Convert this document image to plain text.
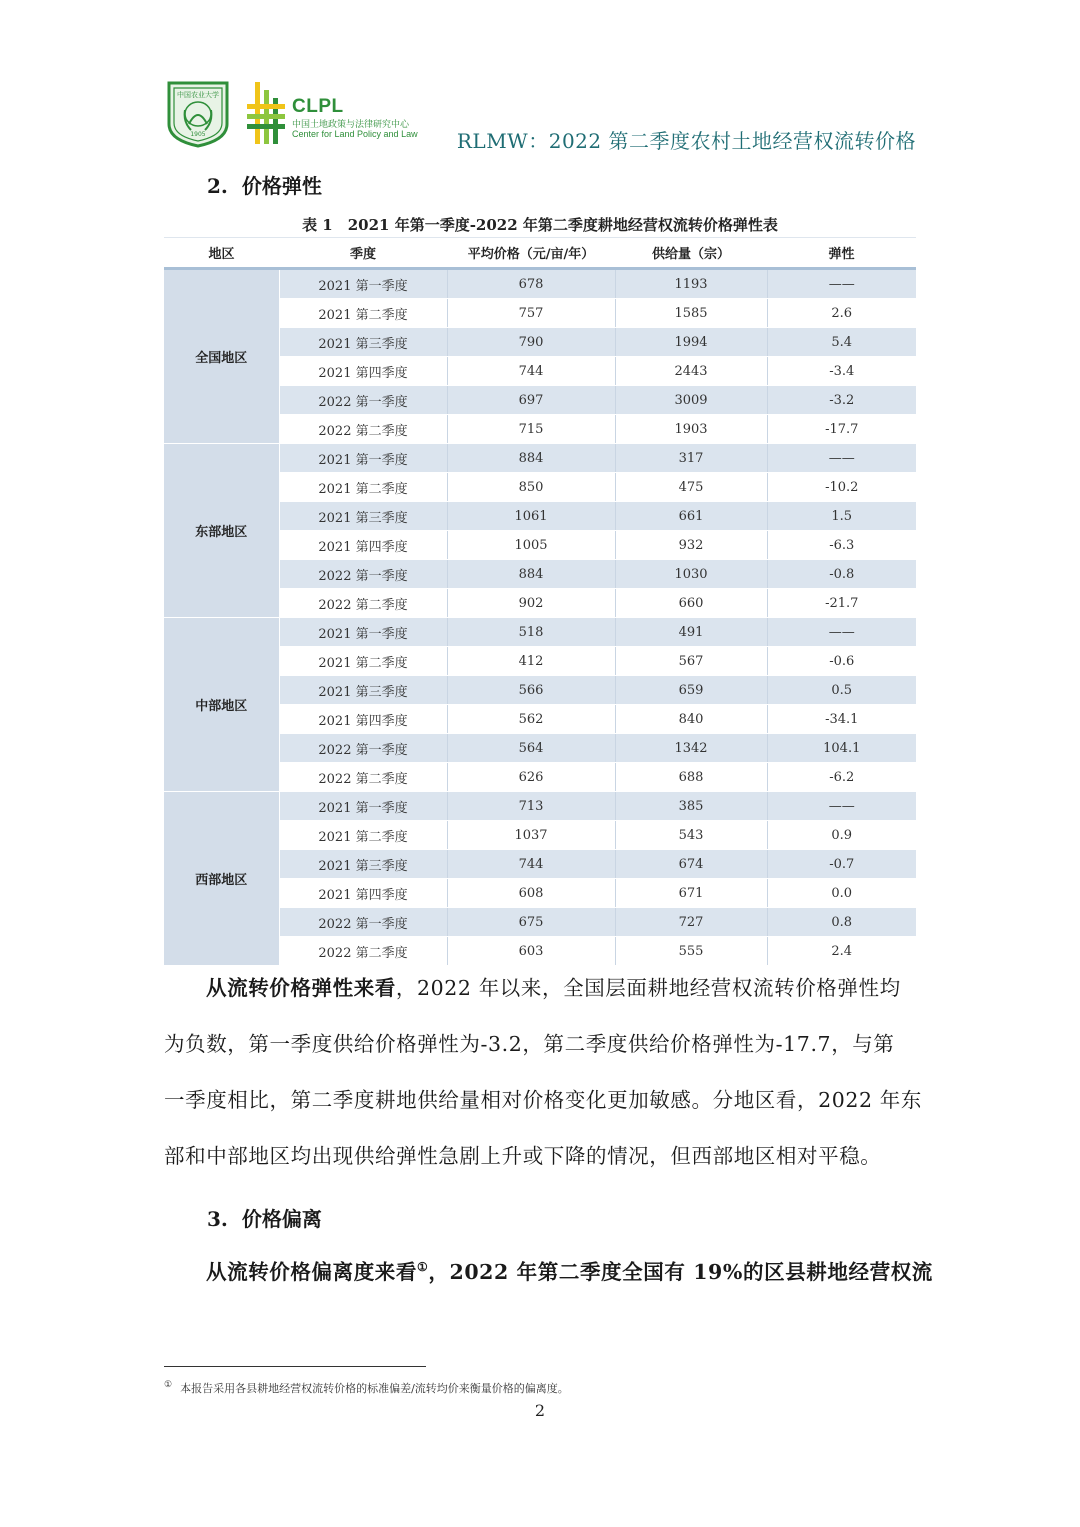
中国农业大学
1905
CLPL
中国土地政策与法律研究中心
Center for Land Policy and Law RLMW：2022 第二季度农村土地经营权流转价格
2. 价格弹性
表 1　2021 年第一季度-2022 年第二季度耕地经营权流转价格弹性表
地区	季度	平均价格（元/亩/年）	供给量（宗）	弹性
全国地区	2021 第一季度	678	1193	——
	2021 第二季度	757	1585	2.6
	2021 第三季度	790	1994	5.4
	2021 第四季度	744	2443	-3.4
	2022 第一季度	697	3009	-3.2
	2022 第二季度	715	1903	-17.7
东部地区	2021 第一季度	884	317	——
	2021 第二季度	850	475	-10.2
	2021 第三季度	1061	661	1.5
	2021 第四季度	1005	932	-6.3
	2022 第一季度	884	1030	-0.8
	2022 第二季度	902	660	-21.7
中部地区	2021 第一季度	518	491	——
	2021 第二季度	412	567	-0.6
	2021 第三季度	566	659	0.5
	2021 第四季度	562	840	-34.1
	2022 第一季度	564	1342	104.1
	2022 第二季度	626	688	-6.2
西部地区	2021 第一季度	713	385	——
	2021 第二季度	1037	543	0.9
	2021 第三季度	744	674	-0.7
	2021 第四季度	608	671	0.0
	2022 第一季度	675	727	0.8
	2022 第二季度	603	555	2.4
从流转价格弹性来看，2022 年以来，全国层面耕地经营权流转价格弹性均
为负数，第一季度供给价格弹性为-3.2，第二季度供给价格弹性为-17.7，与第
一季度相比，第二季度耕地供给量相对价格变化更加敏感。分地区看，2022 年东
部和中部地区均出现供给弹性急剧上升或下降的情况，但西部地区相对平稳。
3. 价格偏离
从流转价格偏离度来看①，2022 年第二季度全国有 19%的区县耕地经营权流
① 本报告采用各县耕地经营权流转价格的标准偏差/流转均价来衡量价格的偏离度。
2
